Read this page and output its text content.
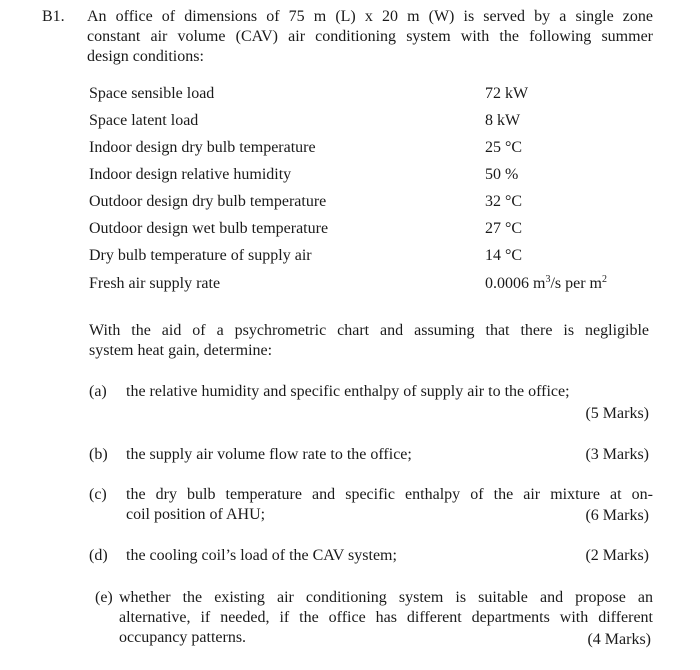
B1. An office of dimensions of 75 m (L) x 20 m (W) is served by a single zone
constant air volume (CAV) air conditioning system with the following summer
design conditions:
Space sensible load	72 kW
Space latent load	8 kW
Indoor design dry bulb temperature	25 °C
Indoor design relative humidity	50 %
Outdoor design dry bulb temperature	32 °C
Outdoor design wet bulb temperature	27 °C
Dry bulb temperature of supply air	14 °C
Fresh air supply rate	0.0006 $m^3/s$ per $m^2$
With the aid of a psychrometric chart and assuming that there is negligible
system heat gain, determine:
(a) the relative humidity and specific enthalpy of supply air to the office;
(5 Marks)
(b) the supply air volume flow rate to the office;	(3 Marks)
(c) the dry bulb temperature and specific enthalpy of the air mixture at on-
coil position of AHU;	(6 Marks)
(d) the cooling coil’s load of the CAV system;	(2 Marks)
(e) whether the existing air conditioning system is suitable and propose an
alternative, if needed, if the office has different departments with different
occupancy patterns.	(4 Marks)
